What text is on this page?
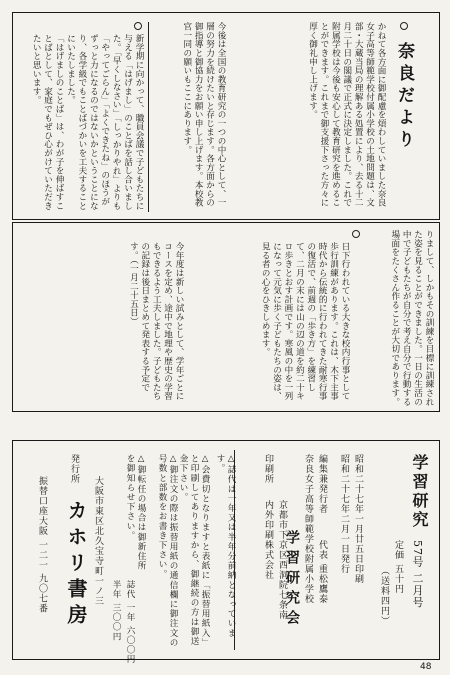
奈良だより
かねて各方面に御配慮を煩わしていました奈良女子高等師範学校付属小学校の土地問題は、文部・大蔵当局の理解ある処置により、去る十二月二十日の閣議で正式に決定しました。これで附属学校は今後も安心して教育研究を進めることができます。これまで御支援下さった方々に厚く御礼申し上げます。
今後は全国の教育研究の一つの中心として、一層の努力を続けたいと存じます。各方面からの御指導と御協力をお願い申し上げます。本校教官一同の願いもここにあります。
新学期に向かって、職員会議で子どもたちに与える「はげまし」のことばを話し合いました。「早くしなさい」「しっかりやれ」よりも「やってごらん」「よくできたね」のほうがずっと力になるのではないかということになり、各学級でもことばづかいを工夫することにいたしました。
「はげましのことば」は、わが子を伸ばすことばとして、家庭でもぜひ心がけていただきたいと思います。
りまして、しかもその訓練を目標に訓練された姿を見ることができました。一日の生活の中で子どもたちが自分で考え自分で行動する場面をたくさん作ることが大切であります。
日下行われている大きな校内行事として歩行訓練があります。これは、木下主事時代から伝統的に行われてきた耐寒行事の復活で、前週の「歩き方」を練習して、二月の末には山の辺の道を約二十キロ歩きとおす計画です。寒風の中を一列になって元気に歩く子どもたちの姿は、見る者の心をひきしめます。
今年度は新しい試みとして、学年ごとにコースを定め、途中で地理や歴史の学習もできるよう工夫しました。子どもたちの記録は後日まとめて発表する予定です。（一月二十五日）
学習研究
57号 二月号
定価 五十円
（送料四円）
昭和二十七年一月廿五日印刷
昭和二十七年二月一日発行
編集兼発行者
奈良女子高等師範学校附属小学校 代表 重松鷹泰
印刷所
京都市下京区西洞院七条南
内外印刷株式会社 学習研究会
△誌代は一年又は半年分前納となっています。
△会費切となりますと表紙に「振替用紙入」と印刷してありますから、御継続の方は御送金下さい。
△御注文の際は振替用紙の通信欄に御注文の号数と部数をお書き下さい。
△御転任の場合は御新住所を御知らせ下さい。
誌代 一年 六〇〇円
半年 三〇〇円
大阪市東区北久宝寺町一ノ三
発行所
カホリ書房
振替口座大阪 一二一 九〇七番
48
